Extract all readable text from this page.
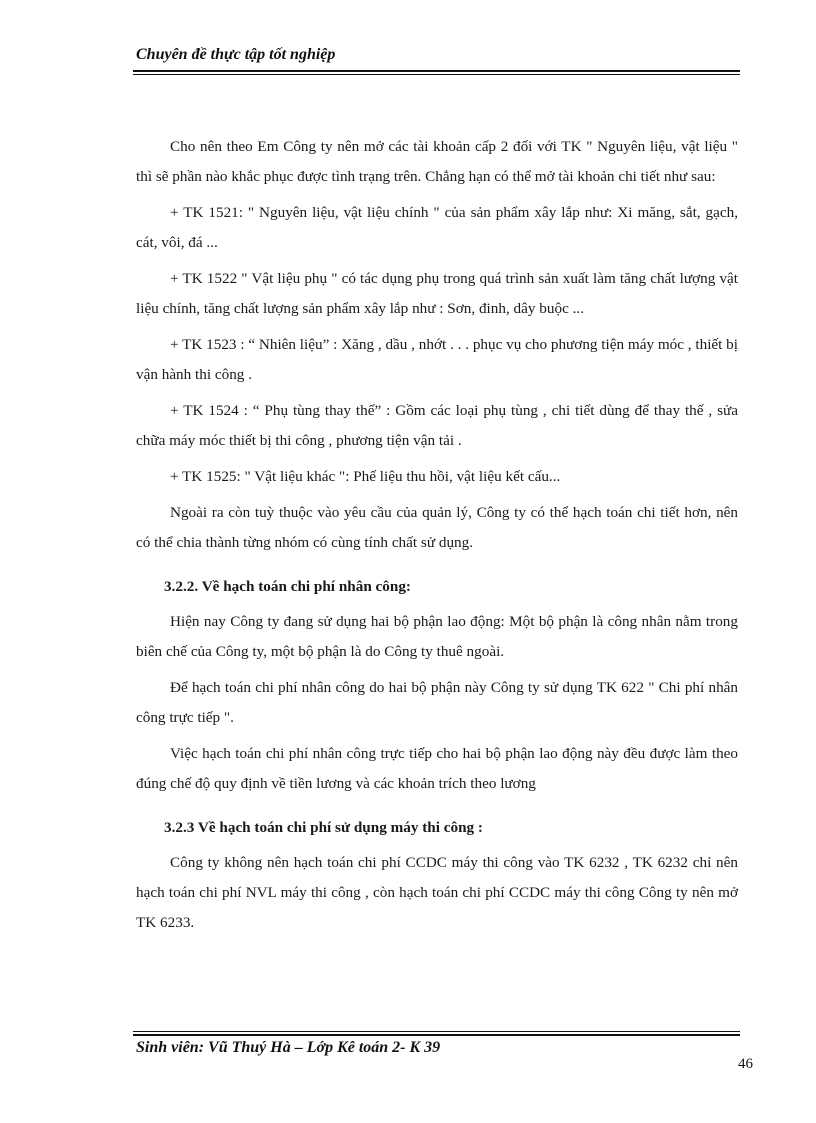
Chuyên đề thực tập tốt nghiệp

Cho nên theo Em Công ty nên mở các tài khoản cấp 2 đối với TK " Nguyên liệu, vật liệu " thì sẽ phần nào khắc phục được tình trạng trên. Chẳng hạn có thể mở tài khoản chi tiết như sau:

+ TK 1521: " Nguyên liệu, vật liệu chính " của sản phẩm xây lắp như: Xi măng, sắt, gạch, cát, vôi, đá ...

+ TK 1522 " Vật liệu phụ " có tác dụng phụ trong quá trình sản xuất làm tăng chất lượng vật liệu chính, tăng chất lượng sản phẩm xây lắp như : Sơn, đinh, dây buộc ...

+ TK 1523 : “ Nhiên liệu” : Xăng , dầu , nhớt . . . phục vụ cho phương tiện máy móc , thiết bị vận hành thi công .

+ TK 1524 : “ Phụ tùng thay thế” : Gồm các loại phụ tùng , chi tiết dùng để thay thế , sửa chữa máy móc thiết bị thi công , phương tiện vận tải .

+ TK 1525: " Vật liệu khác ": Phế liệu thu hồi, vật liệu kết cấu...

Ngoài ra còn tuỳ thuộc vào yêu cầu của quản lý, Công ty có thể hạch toán chi tiết hơn, nên có thể chia thành từng nhóm có cùng tính chất sử dụng.

3.2.2. Về hạch toán chi phí nhân công:

Hiện nay Công ty đang sử dụng hai bộ phận lao động: Một bộ phận là công nhân nằm trong biên chế của Công ty, một bộ phận là do Công ty thuê ngoài.

Để hạch toán chi phí nhân công do hai bộ phận này Công ty sử dụng TK 622 " Chi phí nhân công trực tiếp ".

Việc hạch toán chi phí nhân công trực tiếp cho hai bộ phận lao động này đều được làm theo đúng chế độ quy định về tiền lương và các khoản trích theo lương

3.2.3 Về hạch toán chi phí sử dụng máy thi công :

Công ty không nên hạch toán chi phí CCDC máy thi công vào TK 6232 , TK 6232 chỉ nên hạch toán chi phí NVL máy thi công , còn hạch toán chi phí CCDC máy thi công Công ty nên mở TK 6233.

Sinh viên: Vũ Thuý Hà – Lớp Kê toán 2- K 39
46
